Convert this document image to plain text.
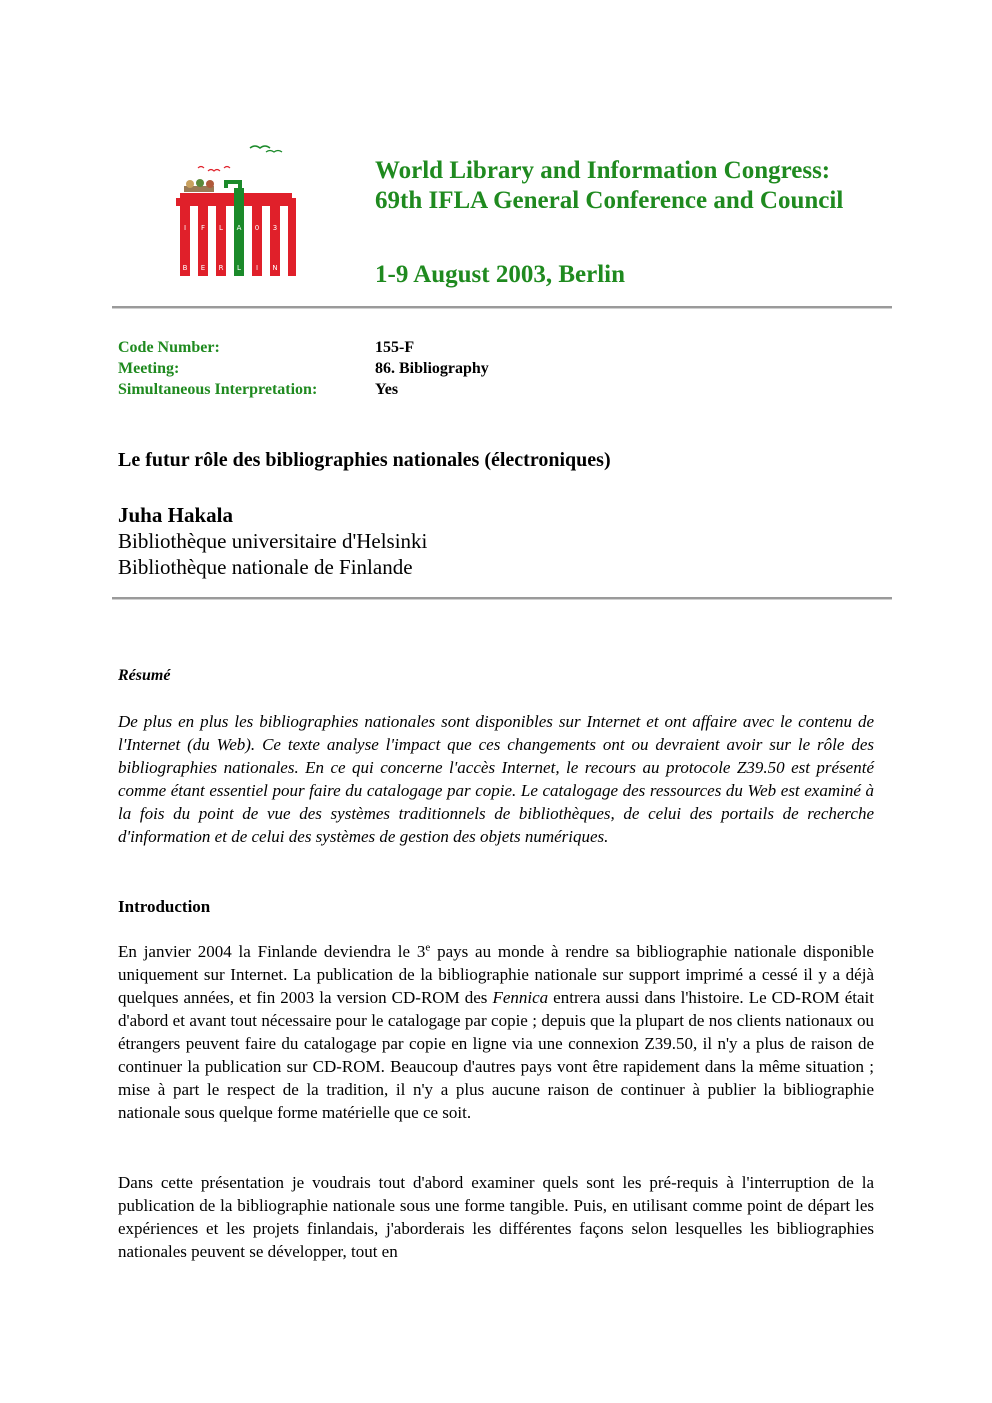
I F L A 0 3
B E R L I N
World Library and Information Congress:
69th IFLA General Conference and Council
1-9 August 2003, Berlin
Code Number:	155-F
Meeting:	86. Bibliography
Simultaneous Interpretation:	Yes
Le futur rôle des bibliographies nationales (électroniques)
Juha Hakala
Bibliothèque universitaire d'Helsinki
Bibliothèque nationale de Finlande
Résumé

De plus en plus les bibliographies nationales sont disponibles sur Internet et ont affaire avec le contenu de l'Internet (du Web). Ce texte analyse l'impact que ces changements ont ou devraient avoir sur le rôle des bibliographies nationales. En ce qui concerne l'accès Internet, le recours au protocole Z39.50 est présenté comme étant essentiel pour faire du catalogage par copie. Le catalogage des ressources du Web est examiné à la fois du point de vue des systèmes traditionnels de bibliothèques, de celui des portails de recherche d'information et de celui des systèmes de gestion des objets numériques.

Introduction

En janvier 2004 la Finlande deviendra le 3e pays au monde à rendre sa bibliographie nationale disponible uniquement sur Internet. La publication de la bibliographie nationale sur support imprimé a cessé il y a déjà quelques années, et fin 2003 la version CD-ROM des Fennica entrera aussi dans l'histoire. Le CD-ROM était d'abord et avant tout nécessaire pour le catalogage par copie ; depuis que la plupart de nos clients nationaux ou étrangers peuvent faire du catalogage par copie en ligne via une connexion Z39.50, il n'y a plus de raison de continuer la publication sur CD-ROM. Beaucoup d'autres pays vont être rapidement dans la même situation ; mise à part le respect de la tradition, il n'y a plus aucune raison de continuer à publier la bibliographie nationale sous quelque forme matérielle que ce soit.

Dans cette présentation je voudrais tout d'abord examiner quels sont les pré-requis à l'interruption de la publication de la bibliographie nationale sous une forme tangible. Puis, en utilisant comme point de départ les expériences et les projets finlandais, j'aborderais les différentes façons selon lesquelles les bibliographies nationales peuvent se développer, tout en
